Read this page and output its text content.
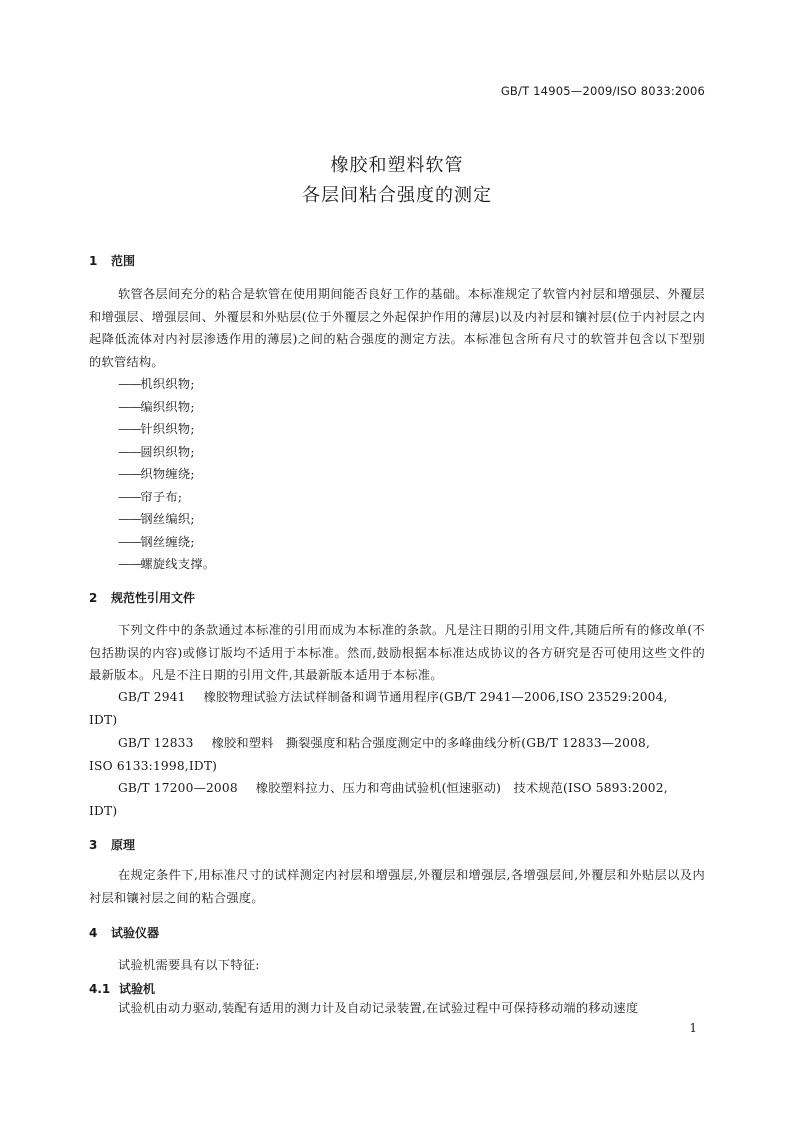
GB/T 14905—2009/ISO 8033:2006
橡胶和塑料软管
各层间粘合强度的测定
1 范围
软管各层间充分的粘合是软管在使用期间能否良好工作的基础。本标准规定了软管内衬层和增强层、外覆层和增强层、增强层间、外覆层和外贴层(位于外覆层之外起保护作用的薄层)以及内衬层和镶衬层(位于内衬层之内起降低流体对内衬层渗透作用的薄层)之间的粘合强度的测定方法。本标准包含所有尺寸的软管并包含以下型别的软管结构。
—— 机织织物;
—— 编织织物;
—— 针织织物;
—— 圆织织物;
—— 织物缠绕;
—— 帘子布;
—— 钢丝编织;
—— 钢丝缠绕;
—— 螺旋线支撑。
2 规范性引用文件
下列文件中的条款通过本标准的引用而成为本标准的条款。凡是注日期的引用文件,其随后所有的修改单(不包括勘误的内容)或修订版均不适用于本标准。然而,鼓励根据本标准达成协议的各方研究是否可使用这些文件的最新版本。凡是不注日期的引用文件,其最新版本适用于本标准。
GB/T 2941 橡胶物理试验方法试样制备和调节通用程序(GB/T 2941—2006,ISO 23529:2004,
IDT)
GB/T 12833 橡胶和塑料　撕裂强度和粘合强度测定中的多峰曲线分析(GB/T 12833—2008,
ISO 6133:1998,IDT)
GB/T 17200—2008 橡胶塑料拉力、压力和弯曲试验机(恒速驱动)　技术规范(ISO 5893:2002,
IDT)
3 原理
在规定条件下,用标准尺寸的试样测定内衬层和增强层,外覆层和增强层,各增强层间,外覆层和外贴层以及内衬层和镶衬层之间的粘合强度。
4 试验仪器
试验机需要具有以下特征:
4.1 试验机
试验机由动力驱动,装配有适用的测力计及自动记录装置,在试验过程中可保持移动端的移动速度
1
